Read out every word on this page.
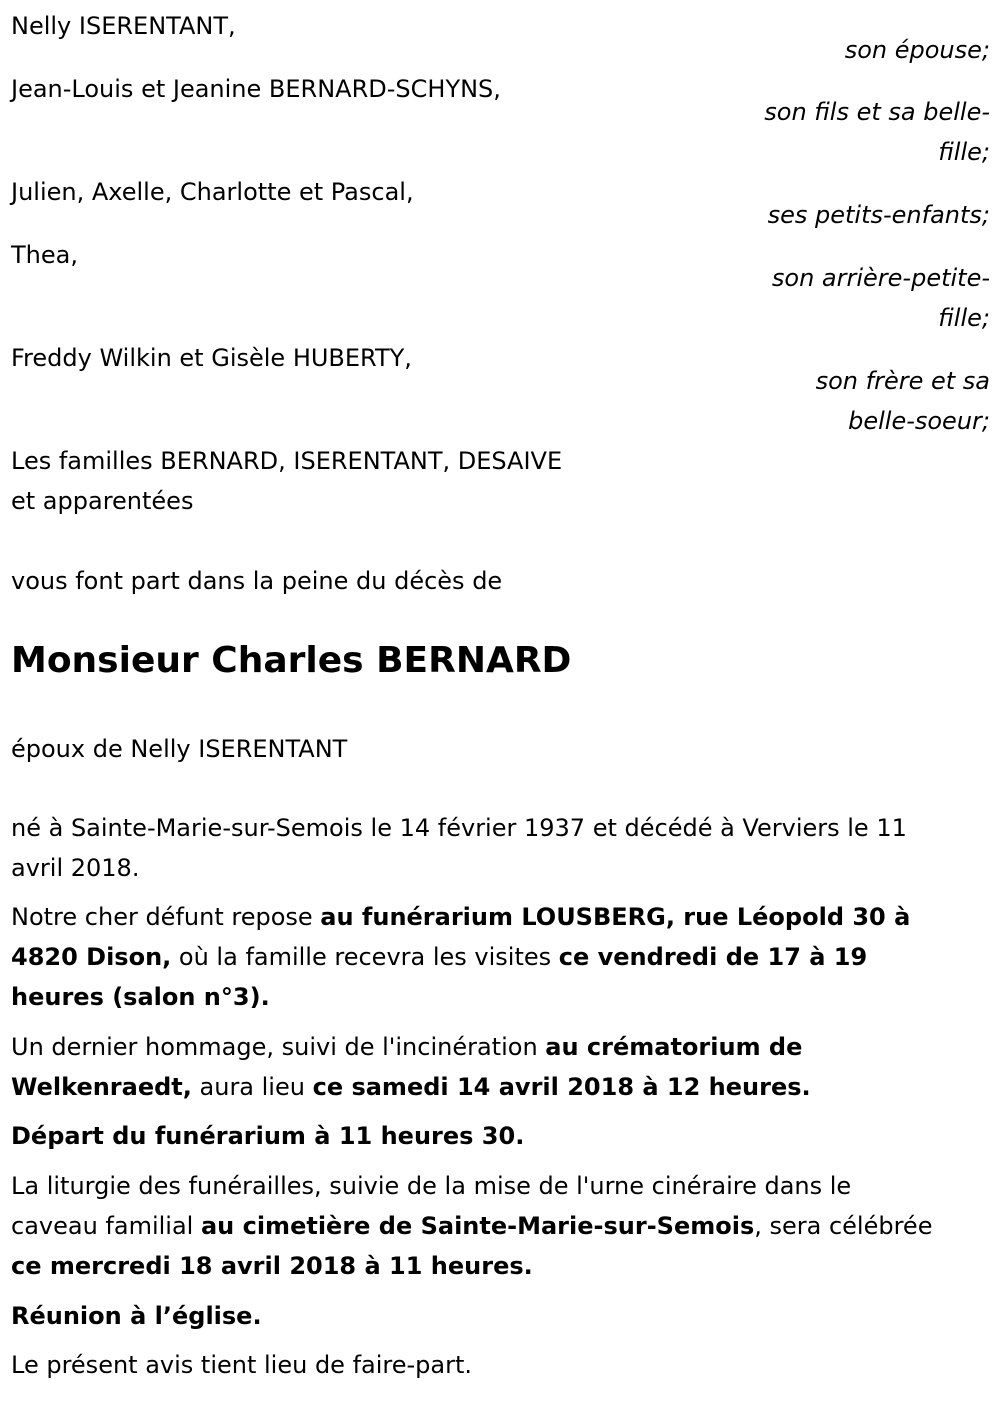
Nelly ISERENTANT,
son épouse;
Jean-Louis et Jeanine BERNARD-SCHYNS,
son fils et sa belle-
fille;
Julien, Axelle, Charlotte et Pascal,
ses petits-enfants;
Thea,
son arrière-petite-
fille;
Freddy Wilkin et Gisèle HUBERTY,
son frère et sa
belle-soeur;
Les familles BERNARD, ISERENTANT, DESAIVE
et apparentées
vous font part dans la peine du décès de
Monsieur Charles BERNARD
époux de Nelly ISERENTANT
né à Sainte-Marie-sur-Semois le 14 février 1937 et décédé à Verviers le 11
avril 2018.
Notre cher défunt repose au funérarium LOUSBERG, rue Léopold 30 à
4820 Dison, où la famille recevra les visites ce vendredi de 17 à 19
heures (salon n°3).
Un dernier hommage, suivi de l'incinération au crématorium de
Welkenraedt, aura lieu ce samedi 14 avril 2018 à 12 heures.
Départ du funérarium à 11 heures 30.
La liturgie des funérailles, suivie de la mise de l'urne cinéraire dans le
caveau familial au cimetière de Sainte-Marie-sur-Semois, sera célébrée
ce mercredi 18 avril 2018 à 11 heures.
Réunion à l’église.
Le présent avis tient lieu de faire-part.
